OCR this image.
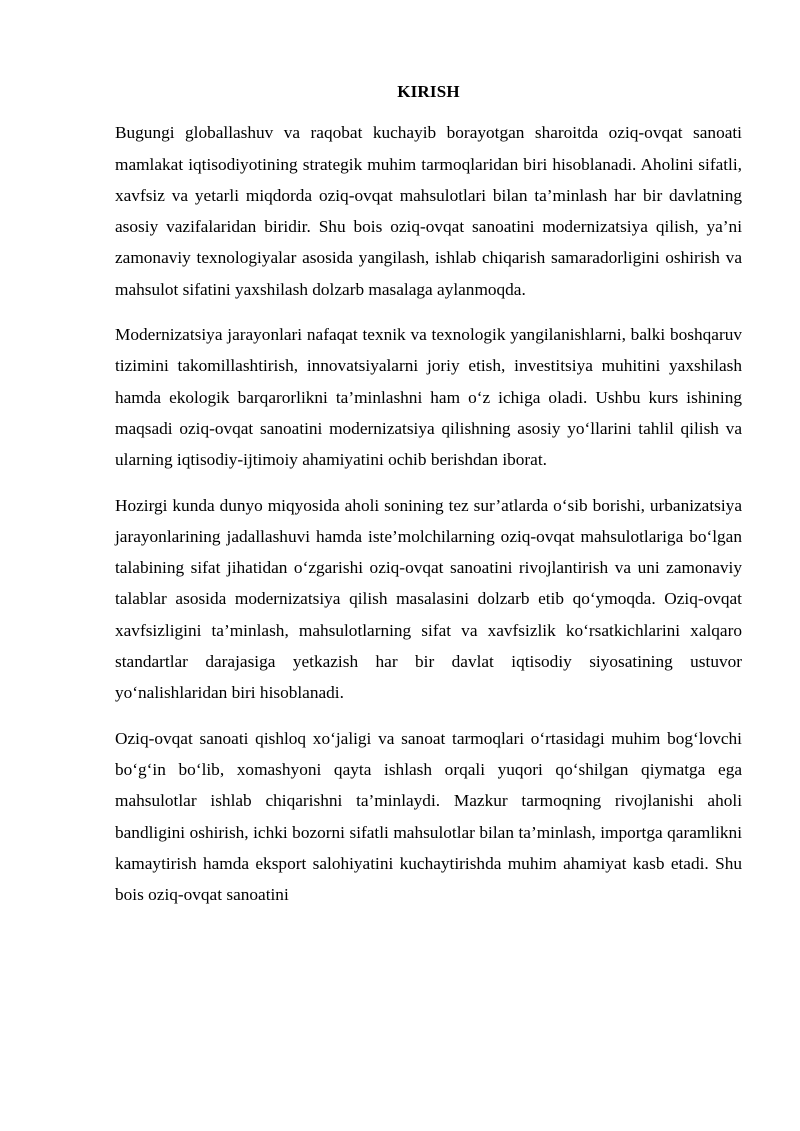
KIRISH

Bugungi globallashuv va raqobat kuchayib borayotgan sharoitda oziq-ovqat sanoati mamlakat iqtisodiyotining strategik muhim tarmoqlaridan biri hisoblanadi. Aholini sifatli, xavfsiz va yetarli miqdorda oziq-ovqat mahsulotlari bilan ta’minlash har bir davlatning asosiy vazifalaridan biridir. Shu bois oziq-ovqat sanoatini modernizatsiya qilish, ya’ni zamonaviy texnologiyalar asosida yangilash, ishlab chiqarish samaradorligini oshirish va mahsulot sifatini yaxshilash dolzarb masalaga aylanmoqda.

Modernizatsiya jarayonlari nafaqat texnik va texnologik yangilanishlarni, balki boshqaruv tizimini takomillashtirish, innovatsiyalarni joriy etish, investitsiya muhitini yaxshilash hamda ekologik barqarorlikni ta’minlashni ham o‘z ichiga oladi. Ushbu kurs ishining maqsadi oziq-ovqat sanoatini modernizatsiya qilishning asosiy yo‘llarini tahlil qilish va ularning iqtisodiy-ijtimoiy ahamiyatini ochib berishdan iborat.

Hozirgi kunda dunyo miqyosida aholi sonining tez sur’atlarda o‘sib borishi, urbanizatsiya jarayonlarining jadallashuvi hamda iste’molchilarning oziq-ovqat mahsulotlariga bo‘lgan talabining sifat jihatidan o‘zgarishi oziq-ovqat sanoatini rivojlantirish va uni zamonaviy talablar asosida modernizatsiya qilish masalasini dolzarb etib qo‘ymoqda. Oziq-ovqat xavfsizligini ta’minlash, mahsulotlarning sifat va xavfsizlik ko‘rsatkichlarini xalqaro standartlar darajasiga yetkazish har bir davlat iqtisodiy siyosatining ustuvor yo‘nalishlaridan biri hisoblanadi.

Oziq-ovqat sanoati qishloq xo‘jaligi va sanoat tarmoqlari o‘rtasidagi muhim bog‘lovchi bo‘g‘in bo‘lib, xomashyoni qayta ishlash orqali yuqori qo‘shilgan qiymatga ega mahsulotlar ishlab chiqarishni ta’minlaydi. Mazkur tarmoqning rivojlanishi aholi bandligini oshirish, ichki bozorni sifatli mahsulotlar bilan ta’minlash, importga qaramlikni kamaytirish hamda eksport salohiyatini kuchaytirishda muhim ahamiyat kasb etadi. Shu bois oziq-ovqat sanoatini
